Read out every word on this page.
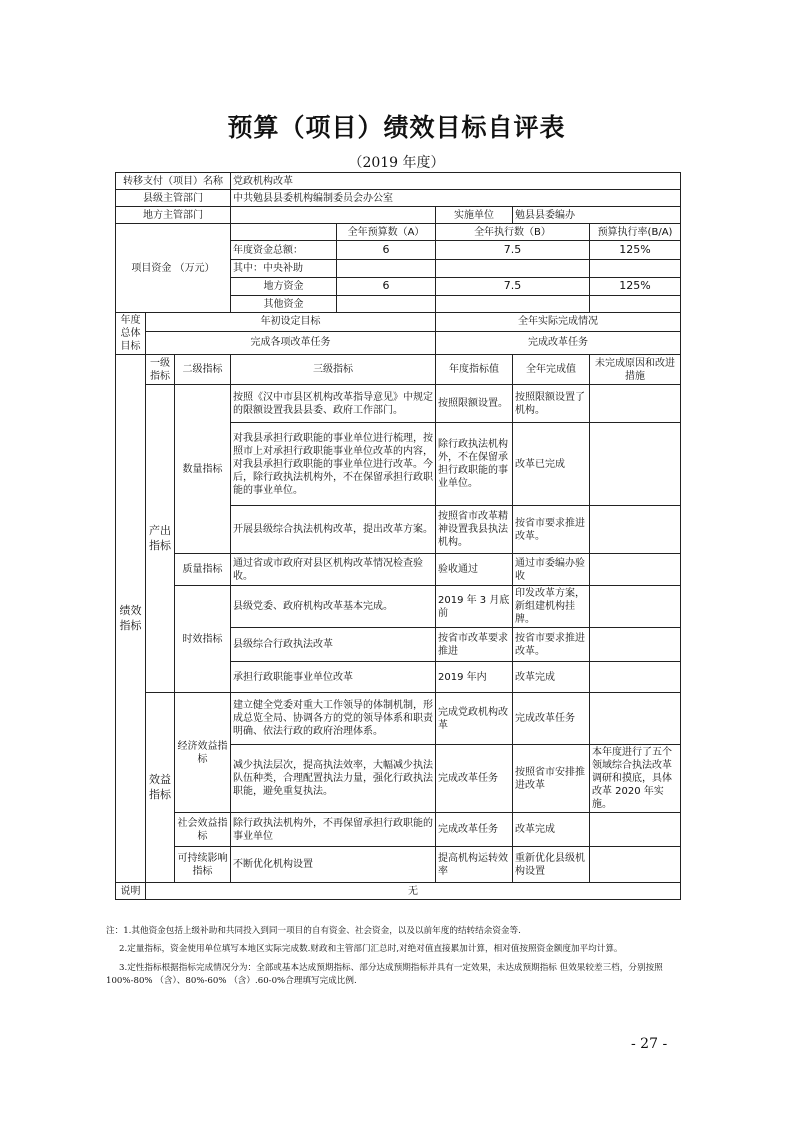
预算（项目）绩效目标自评表
（2019 年度）
转移支付（项目）名称			党政机构改革				
县级主管部门			中共勉县县委机构编制委员会办公室				
地方主管部门					实施单位	勉县县委编办	
项目资金 （万元）				全年预算数（A）	全年执行数（B）		预算执行率(B/A)
			年度资金总额：	6	7.5		125%
			其中：中央补助				
			地方资金	6	7.5		125%
			其他资金				
年度总体目标	年初设定目标				全年实际完成情况		
	完成各项改革任务				完成改革任务		
绩效指标	一级指标	二级指标	三级指标		年度指标值	全年完成值	未完成原因和改进措施
	产出指标	数量指标	按照《汉中市县区机构改革指导意见》中规定的限额设置我县县委、政府工作部门。		按照限额设置。	按照限额设置了机构。	
			对我县承担行政职能的事业单位进行梳理，按照市上对承担行政职能事业单位改革的内容，对我县承担行政职能的事业单位进行改革。今后，除行政执法机构外，不在保留承担行政职能的事业单位。		除行政执法机构外，不在保留承担行政职能的事业单位。	改革已完成	
			开展县级综合执法机构改革，提出改革方案。		按照省市改革精神设置我县执法机构。	按省市要求推进改革。	
		质量指标	通过省或市政府对县区机构改革情况检查验收。		验收通过	通过市委编办验收	
		时效指标	县级党委、政府机构改革基本完成。		2019 年 3 月底前	印发改革方案，新组建机构挂牌。	
			县级综合行政执法改革		按省市改革要求推进	按省市要求推进改革。	
			承担行政职能事业单位改革		2019 年内	改革完成	
	效益指标	经济效益指标	建立健全党委对重大工作领导的体制机制，形成总览全局、协调各方的党的领导体系和职责明确、依法行政的政府治理体系。		完成党政机构改革	完成改革任务	
			减少执法层次，提高执法效率，大幅减少执法队伍种类，合理配置执法力量，强化行政执法职能，避免重复执法。		完成改革任务	按照省市安排推进改革	本年度进行了五个领域综合执法改革调研和摸底，具体改革 2020 年实施。
		社会效益指标	除行政执法机构外，不再保留承担行政职能的事业单位		完成改革任务	改革完成	
		可持续影响指标	不断优化机构设置		提高机构运转效率	重新优化县级机构设置	
说明	无						

注：1.其他资金包括上级补助和共同投入到同一项目的自有资金、社会资金，以及以前年度的结转结余资金等.

2.定量指标，资金使用单位填写本地区实际完成数.财政和主管部门汇总时,对绝对值直接累加计算，相对值按照资金额度加平均计算。

3.定性指标根据指标完成情况分为：全部或基本达成预期指标、部分达成预期指标并具有一定效果，未达成预期指标 但效果较差三档，分别按照 100%-80% （含）、80%-60% （含）.60-0%合理填写完成比例.

- 27 -
